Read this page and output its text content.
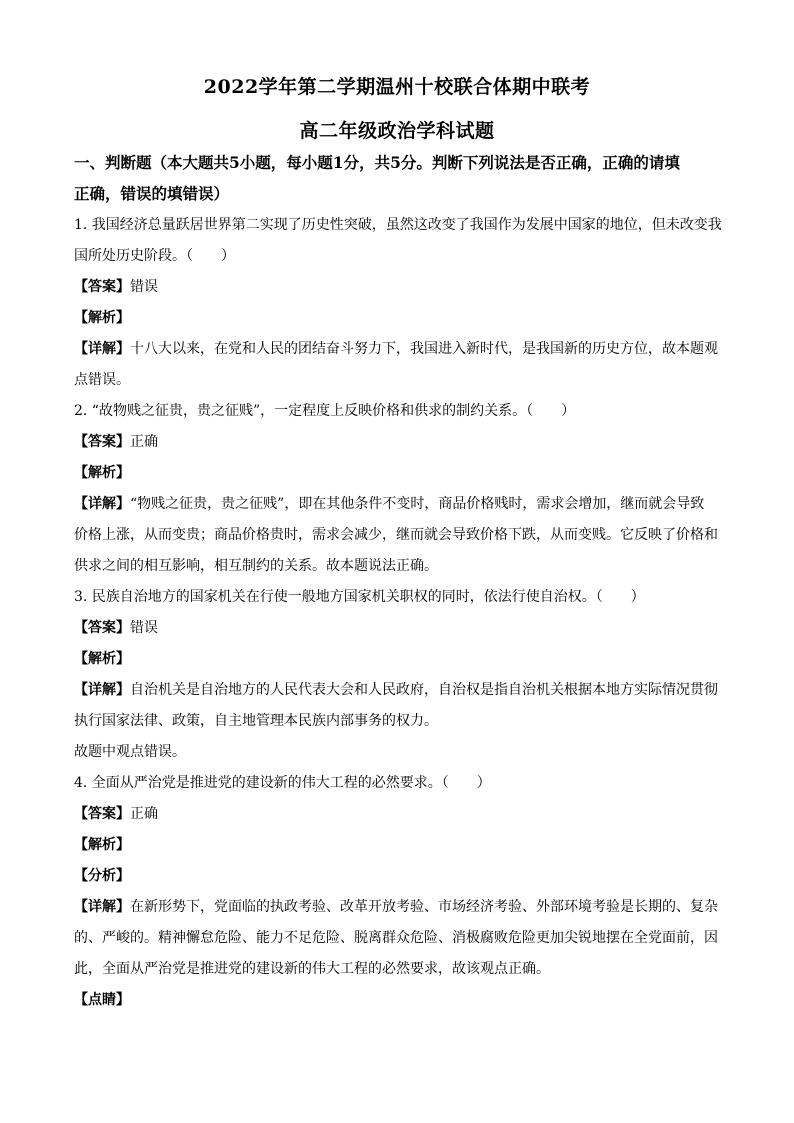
2022学年第二学期温州十校联合体期中联考
高二年级政治学科试题
一、判断题（本大题共5小题，每小题1分，共5分。判断下列说法是否正确，正确的请填
正确，错误的填错误）
1. 我国经济总量跃居世界第二实现了历史性突破，虽然这改变了我国作为发展中国家的地位，但未改变我
国所处历史阶段。（　　）
【答案】错误
【解析】
【详解】十八大以来，在党和人民的团结奋斗努力下，我国进入新时代，是我国新的历史方位，故本题观
点错误。
2. “故物贱之征贵，贵之征贱”，一定程度上反映价格和供求的制约关系。（　　）
【答案】正确
【解析】
【详解】“物贱之征贵，贵之征贱”，即在其他条件不变时，商品价格贱时，需求会增加，继而就会导致
价格上涨，从而变贵；商品价格贵时，需求会减少，继而就会导致价格下跌，从而变贱。它反映了价格和
供求之间的相互影响，相互制约的关系。故本题说法正确。
3. 民族自治地方的国家机关在行使一般地方国家机关职权的同时，依法行使自治权。（　　）
【答案】错误
【解析】
【详解】自治机关是自治地方的人民代表大会和人民政府，自治权是指自治机关根据本地方实际情况贯彻
执行国家法律、政策，自主地管理本民族内部事务的权力。
故题中观点错误。
4. 全面从严治党是推进党的建设新的伟大工程的必然要求。（　　）
【答案】正确
【解析】
【分析】
【详解】在新形势下，党面临的执政考验、改革开放考验、市场经济考验、外部环境考验是长期的、复杂
的、严峻的。精神懈怠危险、能力不足危险、脱离群众危险、消极腐败危险更加尖锐地摆在全党面前，因
此，全面从严治党是推进党的建设新的伟大工程的必然要求，故该观点正确。
【点睛】
